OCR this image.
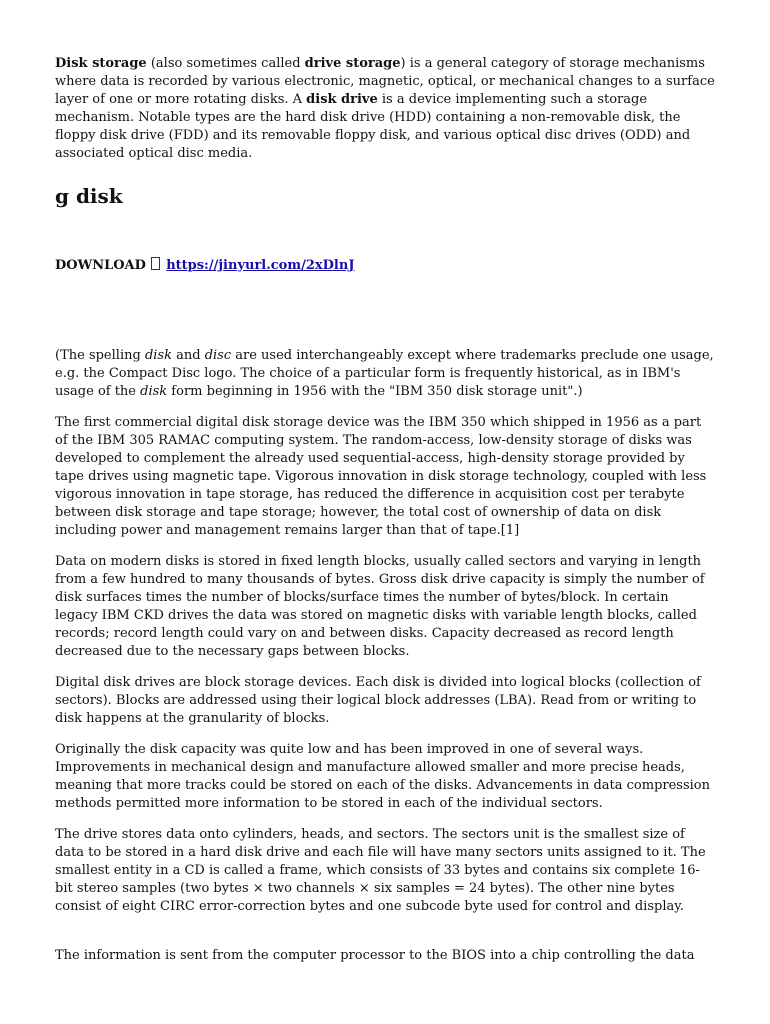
Disk storage (also sometimes called drive storage) is a general category of storage mechanisms where data is recorded by various electronic, magnetic, optical, or mechanical changes to a surface layer of one or more rotating disks. A disk drive is a device implementing such a storage mechanism. Notable types are the hard disk drive (HDD) containing a non-removable disk, the floppy disk drive (FDD) and its removable floppy disk, and various optical disc drives (ODD) and associated optical disc media.

g disk

DOWNLOAD https://jinyurl.com/2xDlnJ

(The spelling disk and disc are used interchangeably except where trademarks preclude one usage, e.g. the Compact Disc logo. The choice of a particular form is frequently historical, as in IBM's usage of the disk form beginning in 1956 with the "IBM 350 disk storage unit".)

The first commercial digital disk storage device was the IBM 350 which shipped in 1956 as a part of the IBM 305 RAMAC computing system. The random-access, low-density storage of disks was developed to complement the already used sequential-access, high-density storage provided by tape drives using magnetic tape. Vigorous innovation in disk storage technology, coupled with less vigorous innovation in tape storage, has reduced the difference in acquisition cost per terabyte between disk storage and tape storage; however, the total cost of ownership of data on disk including power and management remains larger than that of tape.[1]

Data on modern disks is stored in fixed length blocks, usually called sectors and varying in length from a few hundred to many thousands of bytes. Gross disk drive capacity is simply the number of disk surfaces times the number of blocks/surface times the number of bytes/block. In certain legacy IBM CKD drives the data was stored on magnetic disks with variable length blocks, called records; record length could vary on and between disks. Capacity decreased as record length decreased due to the necessary gaps between blocks.

Digital disk drives are block storage devices. Each disk is divided into logical blocks (collection of sectors). Blocks are addressed using their logical block addresses (LBA). Read from or writing to disk happens at the granularity of blocks.

Originally the disk capacity was quite low and has been improved in one of several ways. Improvements in mechanical design and manufacture allowed smaller and more precise heads, meaning that more tracks could be stored on each of the disks. Advancements in data compression methods permitted more information to be stored in each of the individual sectors.

The drive stores data onto cylinders, heads, and sectors. The sectors unit is the smallest size of data to be stored in a hard disk drive and each file will have many sectors units assigned to it. The smallest entity in a CD is called a frame, which consists of 33 bytes and contains six complete 16-bit stereo samples (two bytes × two channels × six samples = 24 bytes). The other nine bytes consist of eight CIRC error-correction bytes and one subcode byte used for control and display.

The information is sent from the computer processor to the BIOS into a chip controlling the data
